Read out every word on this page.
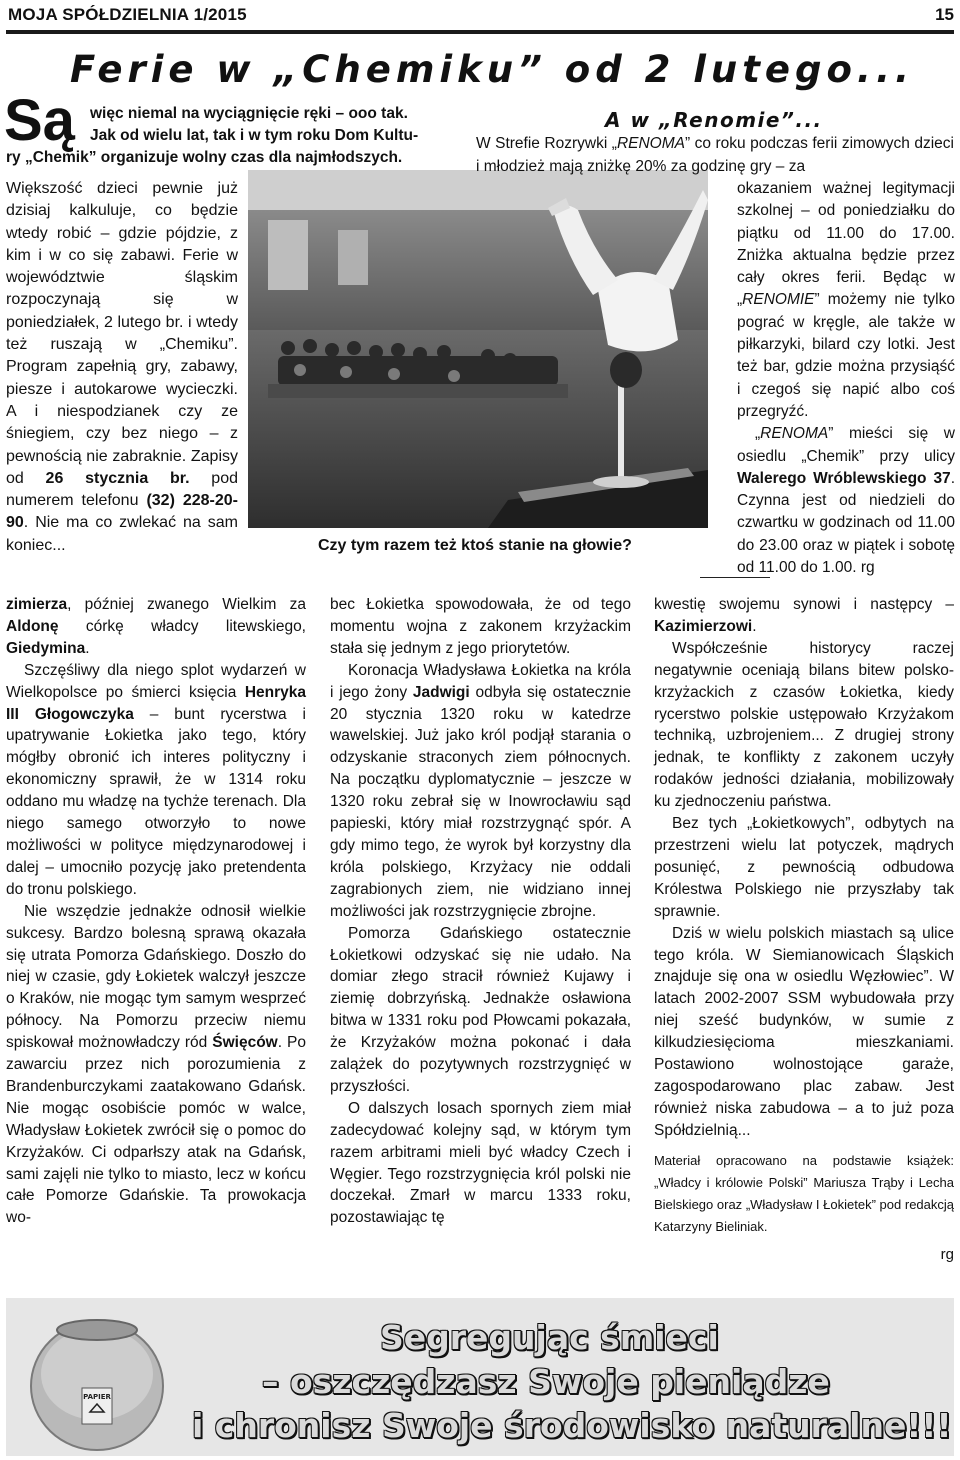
MOJA SPÓŁDZIELNIA 1/2015	15
Ferie w „Chemiku” od 2 lutego...
Są więc niemal na wyciągnięcie ręki – ooo tak.
Jak od wielu lat, tak i w tym roku Dom Kultu-
ry „Chemik” organizuje wolny czas dla najmłodszych.
Większość dzieci pewnie już dzisiaj kalkuluje, co będzie wtedy robić – gdzie pójdzie, z kim i w co się zabawi. Ferie w województwie śląskim rozpoczynają się w poniedziałek, 2 lutego br. i wtedy też ruszają w „Chemiku”. Program zapełnią gry, zabawy, piesze i autokarowe wycieczki. A i niespodzianek czy ze śniegiem, czy bez niego – z pewnością nie zabraknie. Zapisy od 26 stycznia br. pod numerem telefonu (32) 228-20-90. Nie ma co zwlekać na sam koniec...	Czy tym razem też ktoś stanie na głowie?
A w „Renomie”...
W Strefie Rozrywki „RENOMA” co roku podczas ferii zimowych dzieci i młodzież mają zniżkę 20% za godzinę gry – za
okazaniem ważnej legitymacji szkolnej – od poniedziałku do piątku od 11.00 do 17.00. Zniżka aktualna będzie przez cały okres ferii. Będąc w „RENOMIE” możemy nie tylko pograć w kręgle, ale także w piłkarzyki, bilard czy lotki. Jest też bar, gdzie można przysiąść i czegoś się napić albo coś przegryźć.
„RENOMA” mieści się w osiedlu „Chemik” przy ulicy Walerego Wróblewskiego 37. Czynna jest od niedzieli do czwartku w godzinach od 11.00 do 23.00 oraz w piątek i sobotę od 11.00 do 1.00. rg

zimierza, później zwanego Wielkim za Aldonę córkę władcy litewskiego, Giedymina.

Szczęśliwy dla niego splot wydarzeń w Wielkopolsce po śmierci księcia Henryka III Głogowczyka – bunt rycerstwa i upatrywanie Łokietka jako tego, który mógłby obronić ich interes polityczny i ekonomiczny sprawił, że w 1314 roku oddano mu władzę na tychże terenach. Dla niego samego otworzyło to nowe możliwości w polityce międzynarodowej i dalej – umocniło pozycję jako pretendenta do tronu polskiego.

Nie wszędzie jednakże odnosił wielkie sukcesy. Bardzo bolesną sprawą okazała się utrata Pomorza Gdańskiego. Doszło do niej w czasie, gdy Łokietek walczył jeszcze o Kraków, nie mogąc tym samym wesprzeć północy. Na Pomorzu przeciw niemu spiskował możnowładczy ród Święców. Po zawarciu przez nich porozumienia z Brandenburczykami zaatakowano Gdańsk. Nie mogąc osobiście pomóc w walce, Władysław Łokietek zwrócił się o pomoc do Krzyżaków. Ci odparłszy atak na Gdańsk, sami zajęli nie tylko to miasto, lecz w końcu całe Pomorze Gdańskie. Ta prowokacja wo-

bec Łokietka spowodowała, że od tego momentu wojna z zakonem krzyżackim stała się jednym z jego priorytetów.

Koronacja Władysława Łokietka na króla i jego żony Jadwigi odbyła się ostatecznie 20 stycznia 1320 roku w katedrze wawelskiej. Już jako król podjął starania o odzyskanie straconych ziem północnych. Na początku dyplomatycznie – jeszcze w 1320 roku zebrał się w Inowrocławiu sąd papieski, który miał rozstrzygnąć spór. A gdy mimo tego, że wyrok był korzystny dla króla polskiego, Krzyżacy nie oddali zagrabionych ziem, nie widziano innej możliwości jak rozstrzygnięcie zbrojne.

Pomorza Gdańskiego ostatecznie Łokietkowi odzyskać się nie udało. Na domiar złego stracił również Kujawy i ziemię dobrzyńską. Jednakże osławiona bitwa w 1331 roku pod Płowcami pokazała, że Krzyżaków można pokonać i dała zalążek do pozytywnych rozstrzygnięć w przyszłości.

O dalszych losach spornych ziem miał zadecydować kolejny sąd, w którym tym razem arbitrami mieli być władcy Czech i Węgier. Tego rozstrzygnięcia król polski nie doczekał. Zmarł w marcu 1333 roku, pozostawiając tę

kwestię swojemu synowi i następcy – Kazimierzowi.

Współcześnie historycy raczej negatywnie oceniają bilans bitew polsko-krzyżackich z czasów Łokietka, kiedy rycerstwo polskie ustępowało Krzyżakom techniką, uzbrojeniem... Z drugiej strony jednak, te konflikty z zakonem uczyły rodaków jedności działania, mobilizowały ku zjednoczeniu państwa.

Bez tych „Łokietkowych”, odbytych na przestrzeni wielu lat potyczek, mądrych posunięć, z pewnością odbudowa Królestwa Polskiego nie przyszłaby tak sprawnie.

Dziś w wielu polskich miastach są ulice tego króla. W Siemianowicach Śląskich znajduje się ona w osiedlu Węzłowiec”. W latach 2002-2007 SSM wybudowała przy niej sześć budynków, w sumie z kilkudziesięcioma mieszkaniami. Postawiono wolnostojące garaże, zagospodarowano plac zabaw. Jest również niska zabudowa – a to już poza Spółdzielnią...

Materiał opracowano na podstawie książek: „Władcy i królowie Polski” Mariusza Trąby i Lecha Bielskiego oraz „Władysław I Łokietek” pod redakcją Katarzyny Bieliniak.

rg
PAPIER
Segregując śmieci
– oszczędzasz Swoje pieniądze
i chronisz Swoje środowisko naturalne!!!
